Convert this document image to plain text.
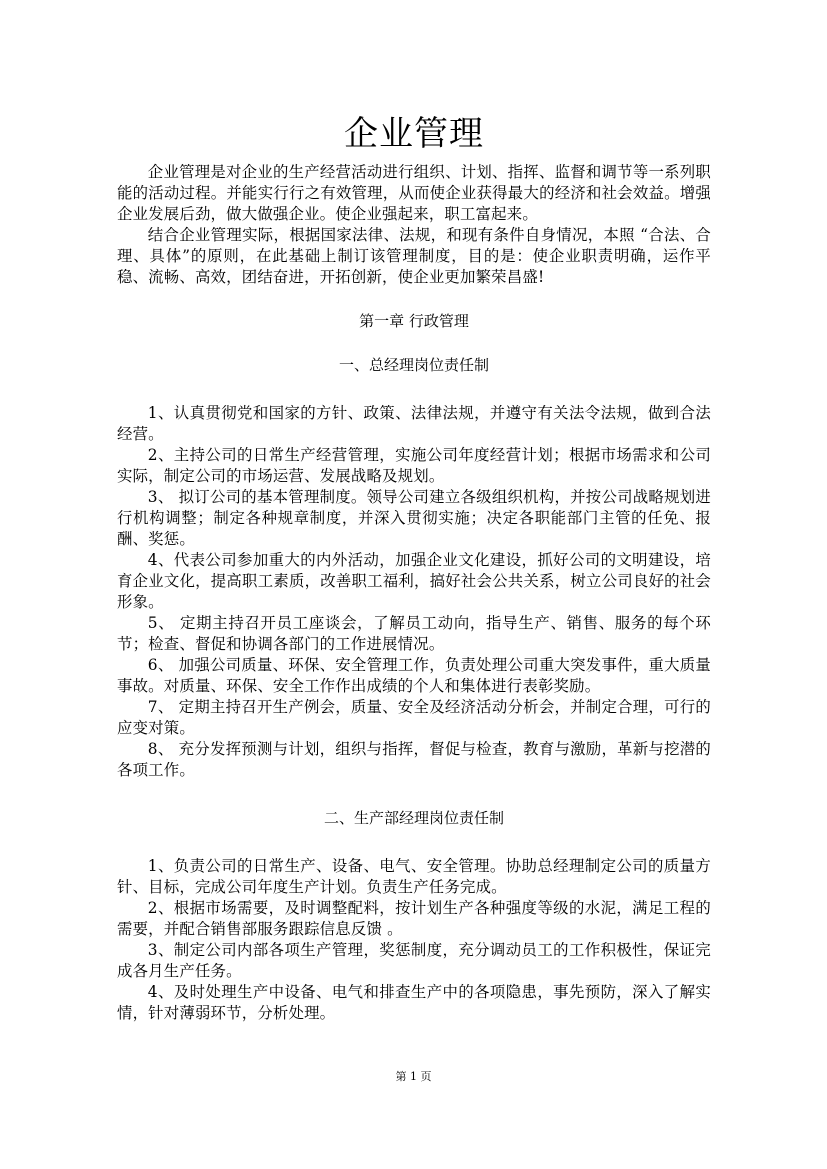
企业管理

企业管理是对企业的生产经营活动进行组织、计划、指挥、监督和调节等一系列职能的活动过程。并能实行行之有效管理，从而使企业获得最大的经济和社会效益。增强企业发展后劲，做大做强企业。使企业强起来，职工富起来。

结合企业管理实际，根据国家法律、法规，和现有条件自身情况，本照 “合法、合理、具体”的原则，在此基础上制订该管理制度，目的是：使企业职责明确，运作平稳、流畅、高效，团结奋进，开拓创新，使企业更加繁荣昌盛!

第一章 行政管理
一、总经理岗位责任制

1、认真贯彻党和国家的方针、政策、法律法规，并遵守有关法令法规，做到合法经营。

2、主持公司的日常生产经营管理，实施公司年度经营计划；根据市场需求和公司实际，制定公司的市场运营、发展战略及规划。

3、 拟订公司的基本管理制度。领导公司建立各级组织机构，并按公司战略规划进行机构调整；制定各种规章制度，并深入贯彻实施；决定各职能部门主管的任免、报酬、奖惩。

4、代表公司参加重大的内外活动，加强企业文化建设，抓好公司的文明建设，培育企业文化，提高职工素质，改善职工福利，搞好社会公共关系，树立公司良好的社会形象。

5、 定期主持召开员工座谈会，了解员工动向，指导生产、销售、服务的每个环节；检查、督促和协调各部门的工作进展情况。

6、 加强公司质量、环保、安全管理工作，负责处理公司重大突发事件，重大质量事故。对质量、环保、安全工作作出成绩的个人和集体进行表彰奖励。

7、 定期主持召开生产例会，质量、安全及经济活动分析会，并制定合理，可行的应变对策。

8、 充分发挥预测与计划，组织与指挥，督促与检查，教育与激励，革新与挖潜的各项工作。

二、生产部经理岗位责任制

1、负责公司的日常生产、设备、电气、安全管理。协助总经理制定公司的质量方针、目标，完成公司年度生产计划。负责生产任务完成。

2、根据市场需要，及时调整配料，按计划生产各种强度等级的水泥，满足工程的需要，并配合销售部服务跟踪信息反馈 。

3、制定公司内部各项生产管理，奖惩制度，充分调动员工的工作积极性，保证完成各月生产任务。

4、及时处理生产中设备、电气和排查生产中的各项隐患，事先预防，深入了解实情，针对薄弱环节，分析处理。

第 1 页
